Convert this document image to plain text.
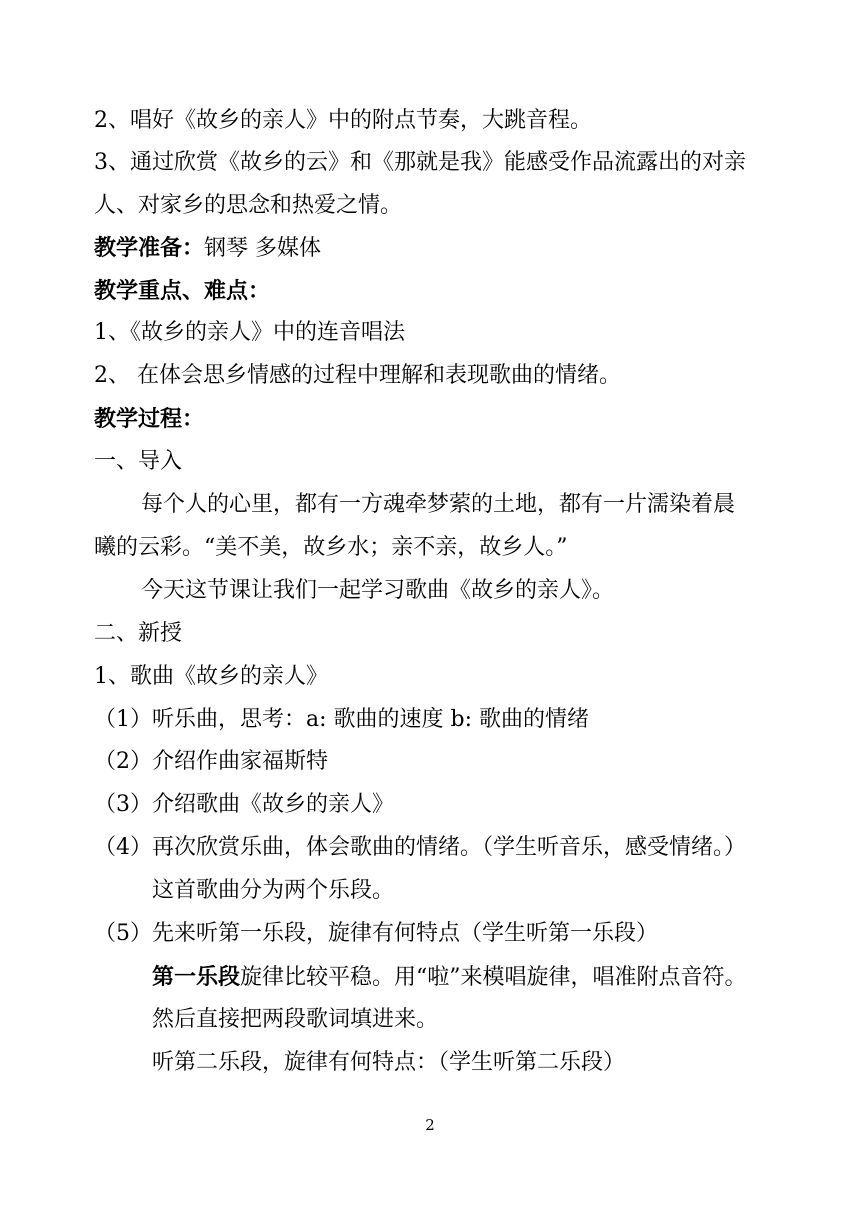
2、唱好《故乡的亲人》中的附点节奏，大跳音程。
3、通过欣赏《故乡的云》和《那就是我》能感受作品流露出的对亲
人、对家乡的思念和热爱之情。
教学准备：钢琴 多媒体
教学重点、难点：
1、《故乡的亲人》中的连音唱法
2、 在体会思乡情感的过程中理解和表现歌曲的情绪。
教学过程：
一、导入
每个人的心里，都有一方魂牵梦萦的土地，都有一片濡染着晨
曦的云彩。“美不美，故乡水；亲不亲，故乡人。”
今天这节课让我们一起学习歌曲《故乡的亲人》。
二、新授
1、歌曲《故乡的亲人》
（1）听乐曲，思考：a: 歌曲的速度 b: 歌曲的情绪
（2）介绍作曲家福斯特
（3）介绍歌曲《故乡的亲人》
（4）再次欣赏乐曲，体会歌曲的情绪。（学生听音乐，感受情绪。）
这首歌曲分为两个乐段。
（5）先来听第一乐段，旋律有何特点（学生听第一乐段）
第一乐段旋律比较平稳。用“啦”来模唱旋律，唱准附点音符。
然后直接把两段歌词填进来。
听第二乐段，旋律有何特点：（学生听第二乐段）
2
